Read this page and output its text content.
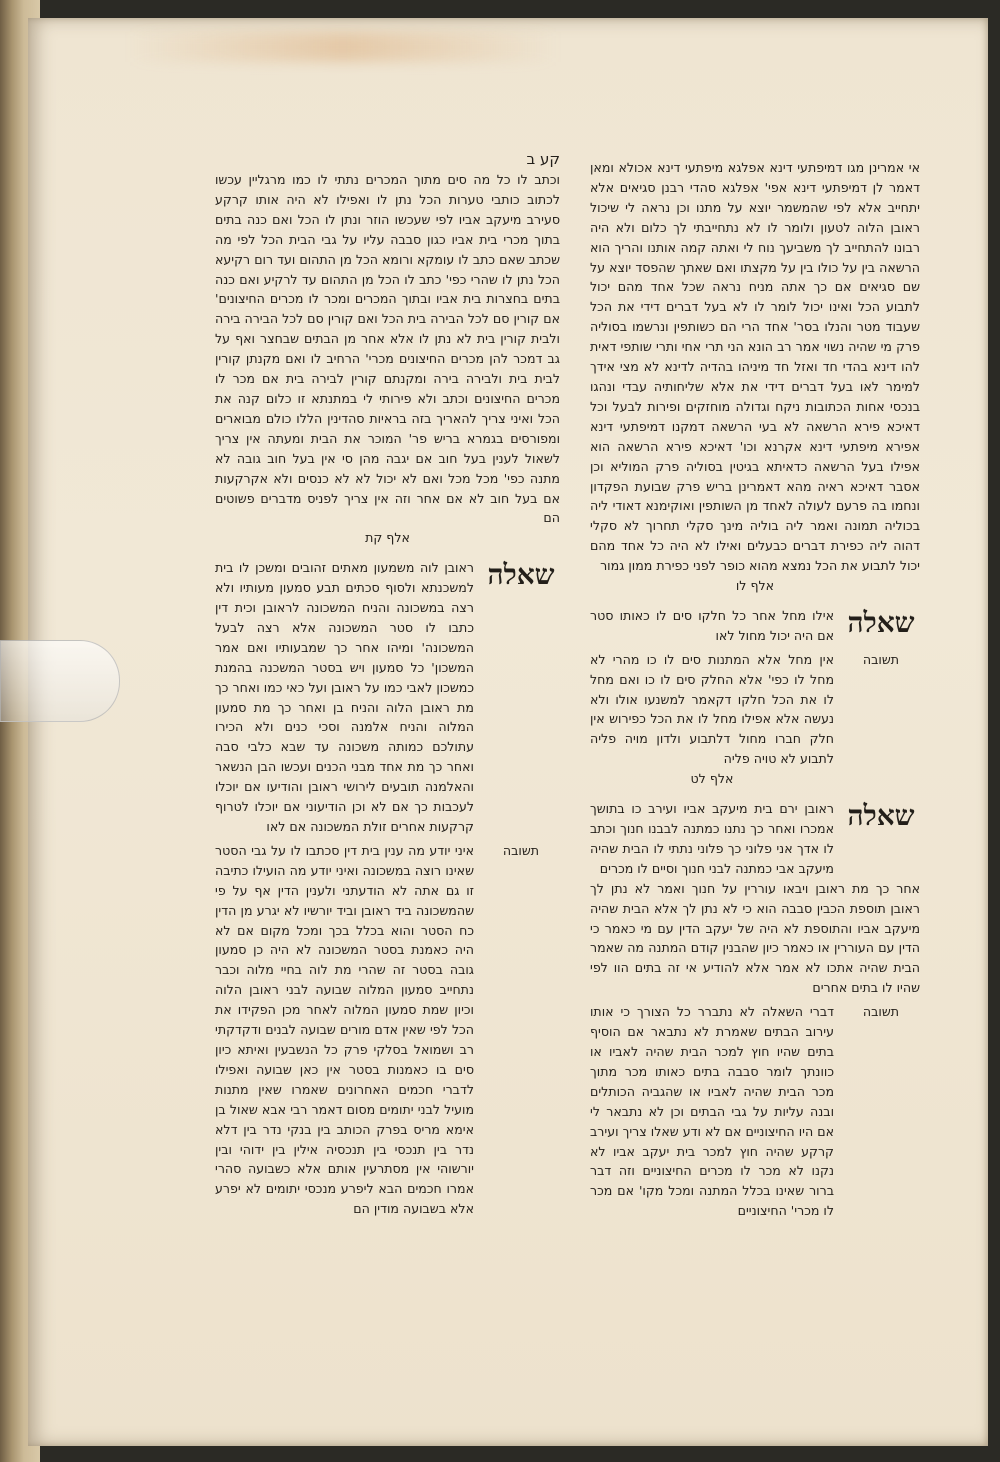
אי אמרינן מגו דמיפתעי דינא אפלגא מיפתעי דינא אכולא ומאן דאמר לן דמיפתעי דינא אפי' אפלגא סהדי רבנן סגיאים אלא יתחייב אלא לפי שהמשמר יוצא על מתנו וכן נראה לי שיכול ראובן הלוה לטעון ולומר לו לא נתחייבתי לך כלום ולא היה רבונו להתחייב לך משביעך נוח לי ואתה קמה אותנו והריך הוא הרשאה בין על כולו בין על מקצתו ואם שאתך שהפסד יוצא על שם סגיאים אם כך אתה מניח נראה שכל אחד מהם יכול לתבוע הכל ואינו יכול לומר לו לא בעל דברים דידי את הכל שעבוד מטר והנלו בסר' אחד הרי הם כשותפין ונרשמו בסוליה פרק מי שהיה נשוי אמר רב הונא הני תרי אחי ותרי שותפי דאית להו דינא בהדי חד ואזל חד מיניהו בהדיה לדינא לא מצי אידך למימר לאו בעל דברים דידי את אלא שליחותיה עבדי ונהגו בנכסי אחות הכתובות ניקח וגדולה מוחזקים ופירות לבעל וכל דאיכא פירא הרשאה לא בעי הרשאה דמקנו דמיפתעי דינא אפירא מיפתעי דינא אקרנא וכו' דאיכא פירא הרשאה הוא אפילו בעל הרשאה כדאיתא בגיטין בסוליה פרק המוליא וכן אסבר דאיכא ראיה מהא דאמרינן בריש פרק שבועת הפקדון ונחמו בה פרעם לעולה לאחד מן השותפין ואוקימנא דאודי ליה בכוליה תמונה ואמר ליה בוליה מינך סקלי תחרוך לא סקלי דהוה ליה כפירת דברים כבעלים ואילו לא היה כל אחד מהם יכול לתבוע את הכל נמצא מהוא כופר לפני כפירת ממון גמור

אלף לו

שאלה

אילו מחל אחר כל חלקו סים לו כאותו סטר אם היה יכול מחול לאו

תשובה

אין מחל אלא המתנות סים לו כו מהרי לא מחל לו כפי' אלא החלק סים לו כו ואם מחל לו את הכל חלקו דקאמר למשנעו אולו ולא נעשה אלא אפילו מחל לו את הכל כפירוש אין חלק חברו מחול דלתבוע ולדון מויה פליה לתבוע לא טויה פליה

אלף לט

שאלה

ראובן ירם בית מיעקב אביו ועירב כו בתושך אמכרו ואחר כך נתנו כמתנה לבבנו חנוך וכתב לו אדך אני פלוני כך פלוני נתתי לו הבית שהיה מיעקב אבי כמתנה לבני חנוך וסיים לו מכרים

אחר כך מת ראובן ויבאו עוררין על חנוך ואמר לא נתן לך ראובן תוספת הכבין סבבה הוא כי לא נתן לך אלא הבית שהיה מיעקב אביו והתוספת לא היה של יעקב הדין עם מי כאמר כי הדין עם העוררין או כאמר כיון שהבנין קודם המתנה מה שאמר הבית שהיה אתכו לא אמר אלא להודיע אי זה בתים הוו לפי שהיו לו בתים אחרים

תשובה

דברי השאלה לא נתברר כל הצורך כי אותו עירוב הבתים שאמרת לא נתבאר אם הוסיף בתים שהיו חוץ למכר הבית שהיה לאביו או כוונתך לומר סבבה בתים כאותו מכר מתוך מכר הבית שהיה לאביו או שהגביה הכותלים ובנה עליות על גבי הבתים וכן לא נתבאר לי אם היו החיצוניים אם לא ודע שאלו צריך ועירב קרקע שהיה חוץ למכר בית יעקב אביו לא נקנו לא מכר לו מכרים החיצוניים וזה דבר ברור שאינו בכלל המתנה ומכל מקו' אם מכר לו מכרי' החיצוניים

קע ב

וכתב לו כל מה סים מתוך המכרים נתתי לו כמו מרגליין עכשו לכתוב כותבי טערות הכל נתן לו ואפילו לא היה אותו קרקע סעירב מיעקב אביו לפי שעכשו הוזר ונתן לו הכל ואם כנה בתים בתוך מכרי בית אביו כגון סבבה עליו על גבי הבית הכל לפי מה שכתב שאם כתב לו עומקא ורומא הכל מן התהום ועד רום רקיעא הכל נתן לו שהרי כפי' כתב לו הכל מן התהום עד לרקיע ואם כנה בתים בחצרות בית אביו ובתוך המכרים ומכר לו מכרים החיצונים' אם קורין סם לכל הבירה בית הכל ואם קורין סם לכל הבירה בירה ולבית קורין בית לא נתן לו אלא אחר מן הבתים שבחצר ואף על גב דמכר להן מכרים החיצונים מכרי' הרחיב לו ואם מקנתן קורין לבית בית ולבירה בירה ומקנתם קורין לבירה בית אם מכר לו מכרים החיצונים וכתב ולא פירותי לי במתנתא זו כלום קנה את הכל ואיני צריך להאריך בזה בראיות סהדינין הללו כולם מבוארים ומפורסים בגמרא בריש פר' המוכר את הבית ומעתה אין צריך לשאול לענין בעל חוב אם יגבה מהן סי אין בעל חוב גובה לא מתנה כפי' מכל מכל ואם לא יכול לא לא כנסים ולא אקרקעות אם בעל חוב לא אם אחר וזה אין צריך לפניס מדברים פשוטים הם

אלף קת

שאלה

ראובן לוה משמעון מאתים זהובים ומשכן לו בית למשכנתא ולסוף סכתים תבע סמעון מעותיו ולא רצה במשכונה והניח המשכונה לראובן וכית דין כתבו לו סטר המשכונה אלא רצה לבעל המשכונה' ומיהו אחר כך שמבעותיו ואם אמר המשכון' כל סמעון ויש בסטר המשכנה בהמנת כמשכון לאבי כמו על ראובן ועל כאי כמו ואחר כך מת ראובן הלוה והניח בן ואחר כך מת סמעון המלוה והניח אלמנה וסכי כנים ולא הכירו עתולכם כמותה משכונה עד שבא כלבי סבה ואחר כך מת אחד מבני הכנים ועכשו הבן הנשאר והאלמנה תובעים לירושי ראובן והודיעו אם יוכלו לעכבות כך אם לא וכן הודיעוני אם יוכלו לטרוף קרקעות אחרים זולת המשכונה אם לאו

תשובה

איני יודע מה ענין בית דין סכתבו לו על גבי הסטר שאינו רוצה במשכונה ואיני יודע מה הועילו כתיבה זו גם אתה לא הודעתני ולענין הדין אף על פי שהמשכונה ביד ראובן וביד יורשיו לא יגרע מן הדין כח הסטר והוא בכלל בכך ומכל מקום אם לא היה כאמנת בסטר המשכונה לא היה כן סמעון גובה בסטר זה שהרי מת לוה בחיי מלוה וכבר נתחייב סמעון המלוה שבועה לבני ראובן הלוה וכיון שמת סמעון המלוה לאחר מכן הפקידו את הכל לפי שאין אדם מורים שבועה לבנים ודקדקתי רב ושמואל בסלקי פרק כל הנשבעין ואיתא כיון סים בו כאמנות בסטר אין כאן שבועה ואפילו לדברי חכמים האחרונים שאמרו שאין מתנות מועיל לבני יתומים מסום דאמר רבי אבא שאול בן אימא מריס בפרק הכותב בין בנקי נדר בין דלא נדר בין תנכסי בין תנכסיה אילין בין ידוהי ובין יורשוהי אין מסתרעין אותם אלא כשבועה סהרי אמרו חכמים הבא ליפרע מנכסי יתומים לא יפרע אלא בשבועה מודין הם
